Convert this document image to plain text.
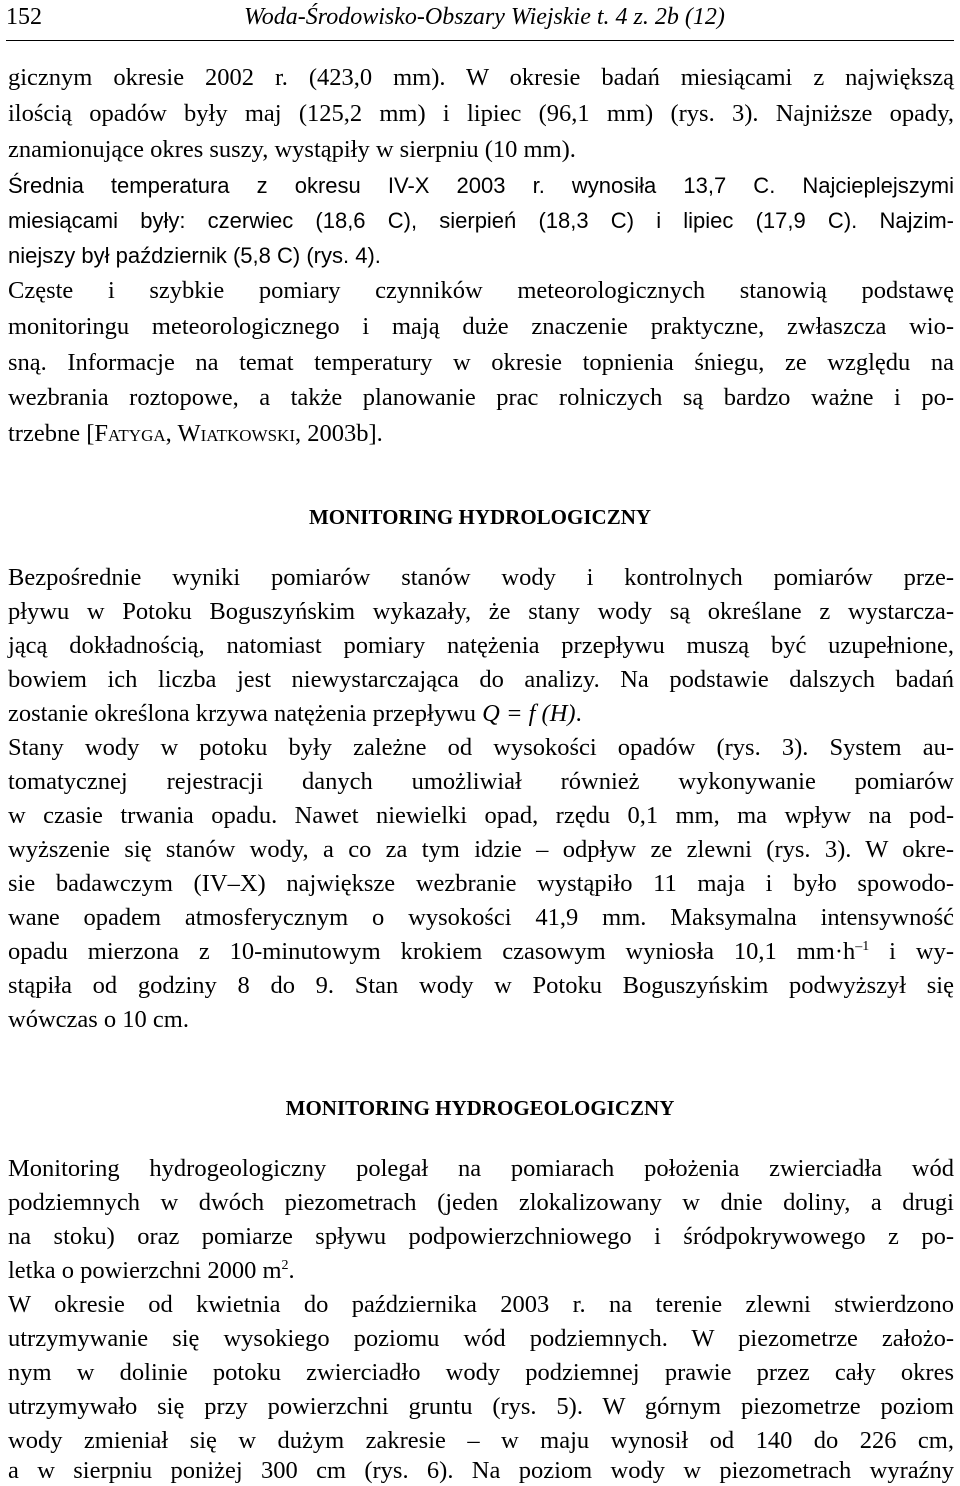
152	Woda-Środowisko-Obszary Wiejskie t. 4 z. 2b (12)
gicznym okresie 2002 r. (423,0 mm). W okresie badań miesiącami z największą
ilością opadów były maj (125,2 mm) i lipiec (96,1 mm) (rys. 3). Najniższe opady,
znamionujące okres suszy, wystąpiły w sierpniu (10 mm).
Średnia temperatura z okresu IV-X 2003 r. wynosiła 13,7 C. Najcieplejszymi
miesiącami były: czerwiec (18,6 C), sierpień (18,3 C) i lipiec (17,9 C). Najzim-
niejszy był październik (5,8 C) (rys. 4).
Częste i szybkie pomiary czynników meteorologicznych stanowią podstawę
monitoringu meteorologicznego i mają duże znaczenie praktyczne, zwłaszcza wio-
sną. Informacje na temat temperatury w okresie topnienia śniegu, ze względu na
wezbrania roztopowe, a także planowanie prac rolniczych są bardzo ważne i po-
trzebne [Fatyga, Wiatkowski, 2003b].
MONITORING HYDROLOGICZNY
Bezpośrednie wyniki pomiarów stanów wody i kontrolnych pomiarów prze-
pływu w Potoku Boguszyńskim wykazały, że stany wody są określane z wystarcza-
jącą dokładnością, natomiast pomiary natężenia przepływu muszą być uzupełnione,
bowiem ich liczba jest niewystarczająca do analizy. Na podstawie dalszych badań
zostanie określona krzywa natężenia przepływu Q = f (H).
Stany wody w potoku były zależne od wysokości opadów (rys. 3). System au-
tomatycznej rejestracji danych umożliwiał również wykonywanie pomiarów
w czasie trwania opadu. Nawet niewielki opad, rzędu 0,1 mm, ma wpływ na pod-
wyższenie się stanów wody, a co za tym idzie – odpływ ze zlewni (rys. 3). W okre-
sie badawczym (IV–X) największe wezbranie wystąpiło 11 maja i było spowodo-
wane opadem atmosferycznym o wysokości 41,9 mm. Maksymalna intensywność
opadu mierzona z 10-minutowym krokiem czasowym wyniosła 10,1 $mm\cdot h^{-1}$ i wy-
stąpiła od godziny 8 do 9. Stan wody w Potoku Boguszyńskim podwyższył się
wówczas o 10 cm.
MONITORING HYDROGEOLOGICZNY
Monitoring hydrogeologiczny polegał na pomiarach położenia zwierciadła wód
podziemnych w dwóch piezometrach (jeden zlokalizowany w dnie doliny, a drugi
na stoku) oraz pomiarze spływu podpowierzchniowego i śródpokrywowego z po-
letka o powierzchni 2000 $m^2$.
W okresie od kwietnia do października 2003 r. na terenie zlewni stwierdzono
utrzymywanie się wysokiego poziomu wód podziemnych. W piezometrze założo-
nym w dolinie potoku zwierciadło wody podziemnej prawie przez cały okres
utrzymywało się przy powierzchni gruntu (rys. 5). W górnym piezometrze poziom
wody zmieniał się w dużym zakresie – w maju wynosił od 140 do 226 cm,
a w sierpniu poniżej 300 cm (rys. 6). Na poziom wody w piezometrach wyraźny
